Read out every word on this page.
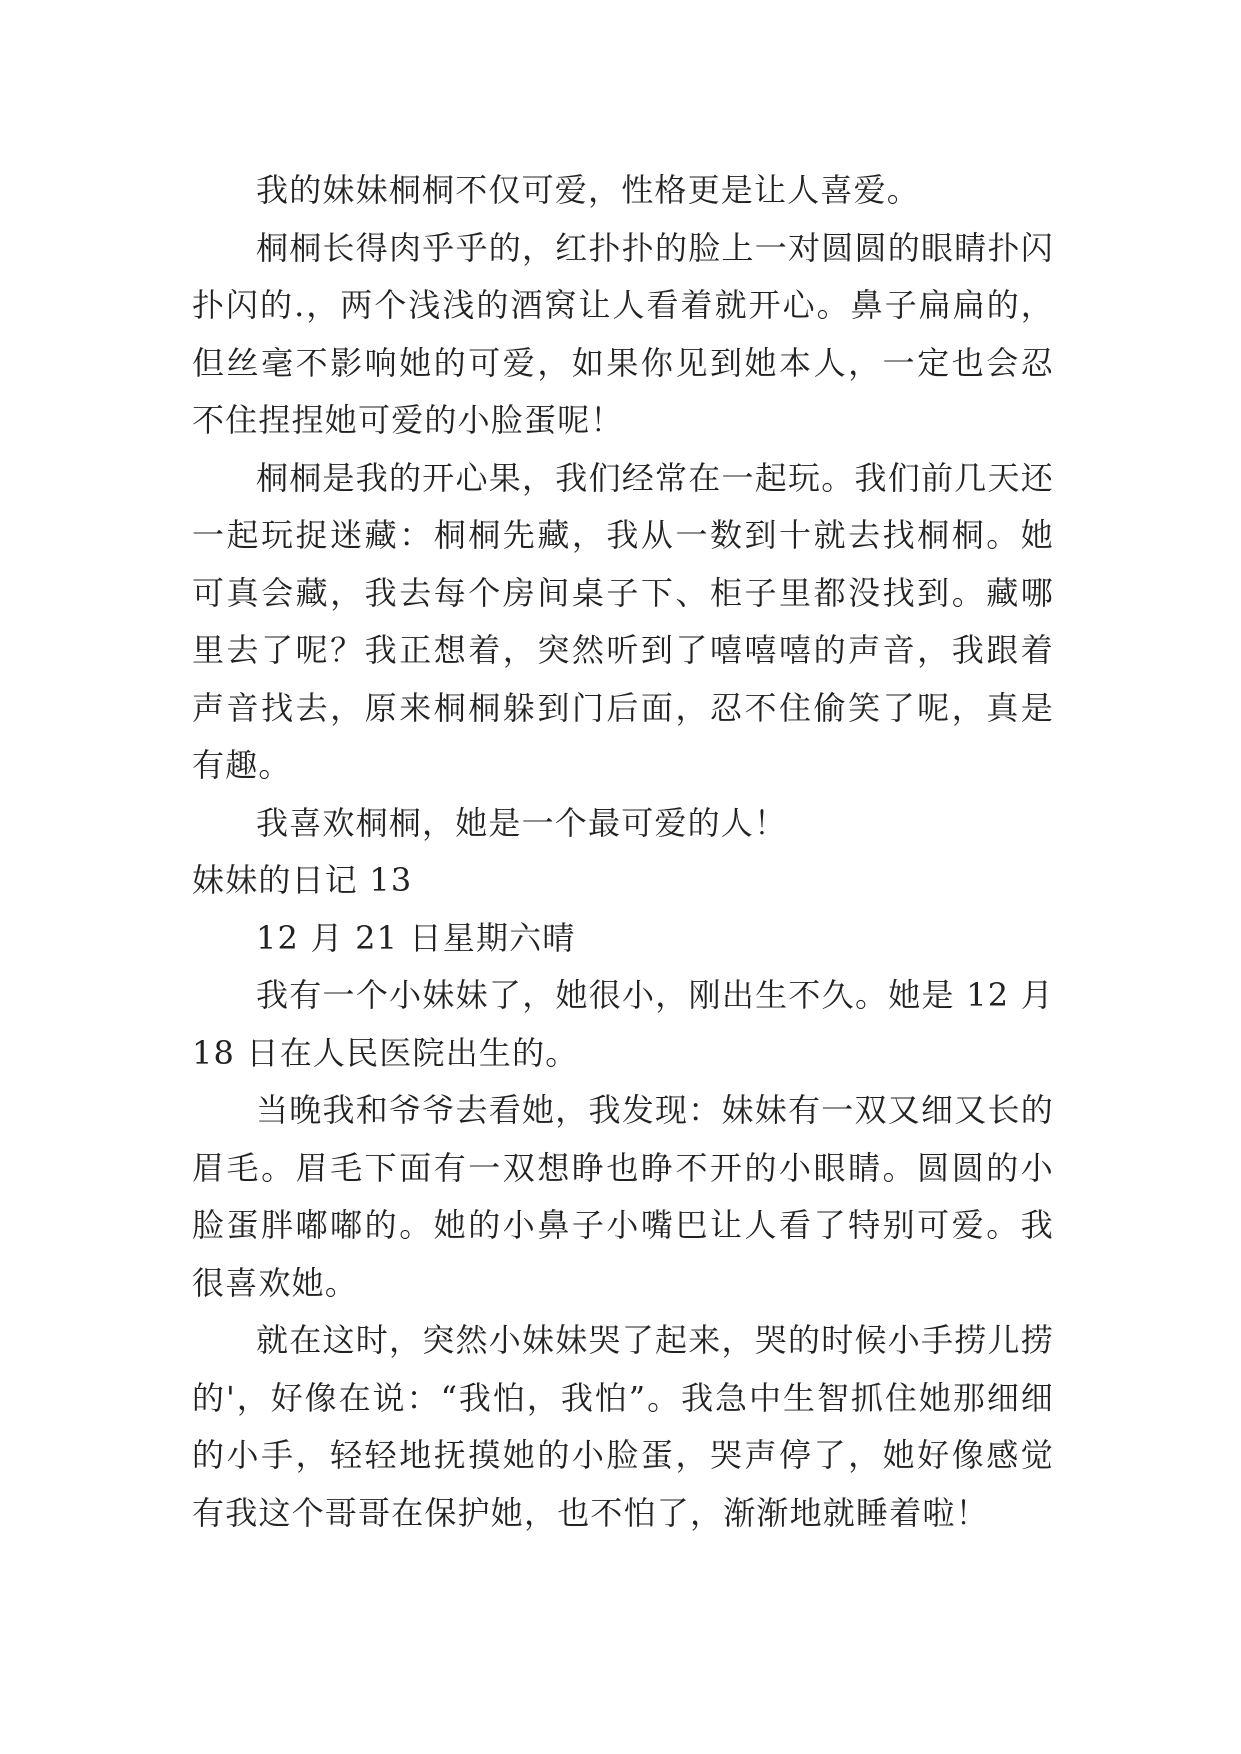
我的妹妹桐桐不仅可爱，性格更是让人喜爱。

桐桐长得肉乎乎的，红扑扑的脸上一对圆圆的眼睛扑闪扑闪的.，两个浅浅的酒窝让人看着就开心。鼻子扁扁的，但丝毫不影响她的可爱，如果你见到她本人，一定也会忍不住捏捏她可爱的小脸蛋呢！

桐桐是我的开心果，我们经常在一起玩。我们前几天还一起玩捉迷藏：桐桐先藏，我从一数到十就去找桐桐。她可真会藏，我去每个房间桌子下、柜子里都没找到。藏哪里去了呢？我正想着，突然听到了嘻嘻嘻的声音，我跟着声音找去，原来桐桐躲到门后面，忍不住偷笑了呢，真是有趣。

我喜欢桐桐，她是一个最可爱的人！

妹妹的日记 13

12 月 21 日星期六晴

我有一个小妹妹了，她很小，刚出生不久。她是 12 月 18 日在人民医院出生的。

当晚我和爷爷去看她，我发现：妹妹有一双又细又长的眉毛。眉毛下面有一双想睁也睁不开的小眼睛。圆圆的小脸蛋胖嘟嘟的。她的小鼻子小嘴巴让人看了特别可爱。我很喜欢她。

就在这时，突然小妹妹哭了起来，哭的时候小手捞儿捞的'，好像在说：“我怕，我怕”。我急中生智抓住她那细细的小手，轻轻地抚摸她的小脸蛋，哭声停了，她好像感觉有我这个哥哥在保护她，也不怕了，渐渐地就睡着啦！
